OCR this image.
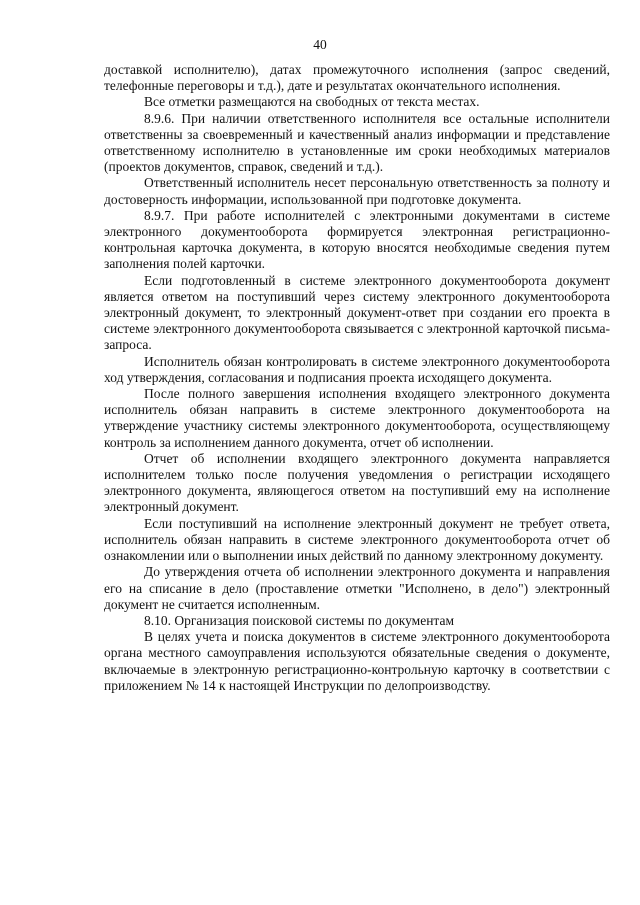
40

доставкой исполнителю), датах промежуточного исполнения (запрос сведений, телефонные переговоры и т.д.), дате и результатах окончательного исполнения.

Все отметки размещаются на свободных от текста местах.

8.9.6. При наличии ответственного исполнителя все остальные исполнители ответственны за своевременный и качественный анализ информации и представление ответственному исполнителю в установленные им сроки необходимых материалов (проектов документов, справок, сведений и т.д.).

Ответственный исполнитель несет персональную ответственность за полноту и достоверность информации, использованной при подготовке документа.

8.9.7. При работе исполнителей с электронными документами в системе электронного документооборота формируется электронная регистрационно-контрольная карточка документа, в которую вносятся необходимые сведения путем заполнения полей карточки.

Если подготовленный в системе электронного документооборота документ является ответом на поступивший через систему электронного документооборота электронный документ, то электронный документ-ответ при создании его проекта в системе электронного документооборота связывается с электронной карточкой письма-запроса.

Исполнитель обязан контролировать в системе электронного документооборота ход утверждения, согласования и подписания проекта исходящего документа.

После полного завершения исполнения входящего электронного документа исполнитель обязан направить в системе электронного документооборота на утверждение участнику системы электронного документооборота, осуществляющему контроль за исполнением данного документа, отчет об исполнении.

Отчет об исполнении входящего электронного документа направляется исполнителем только после получения уведомления о регистрации исходящего электронного документа, являющегося ответом на поступивший ему на исполнение электронный документ.

Если поступивший на исполнение электронный документ не требует ответа, исполнитель обязан направить в системе электронного документооборота отчет об ознакомлении или о выполнении иных действий по данному электронному документу.

До утверждения отчета об исполнении электронного документа и направления его на списание в дело (проставление отметки "Исполнено, в дело") электронный документ не считается исполненным.

8.10. Организация поисковой системы по документам

В целях учета и поиска документов в системе электронного документооборота органа местного самоуправления используются обязательные сведения о документе, включаемые в электронную регистрационно-контрольную карточку в соответствии с приложением № 14 к настоящей Инструкции по делопроизводству.
